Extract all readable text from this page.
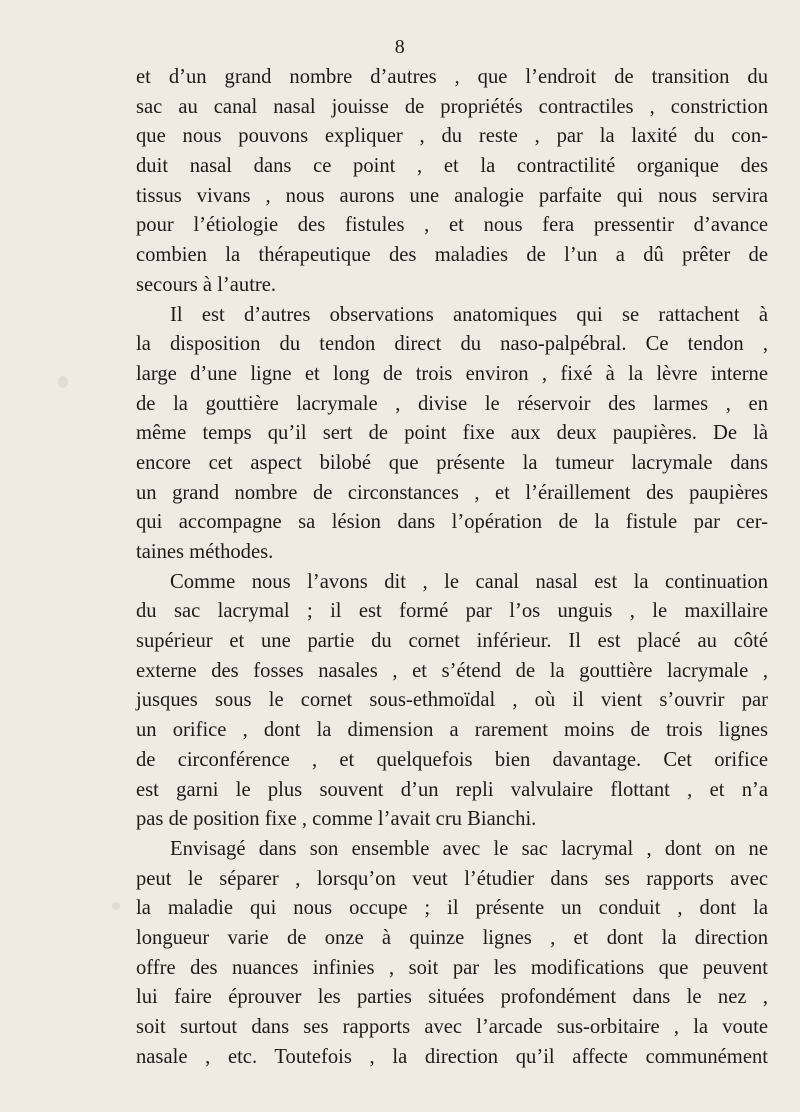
8
et d’un grand nombre d’autres , que l’endroit de transition du
sac au canal nasal jouisse de propriétés contractiles , constriction
que nous pouvons expliquer , du reste , par la laxité du con-
duit nasal dans ce point , et la contractilité organique des
tissus vivans , nous aurons une analogie parfaite qui nous servira
pour l’étiologie des fistules , et nous fera pressentir d’avance
combien la thérapeutique des maladies de l’un a dû prêter de
secours à l’autre.
Il est d’autres observations anatomiques qui se rattachent à
la disposition du tendon direct du naso-palpébral. Ce tendon ,
large d’une ligne et long de trois environ , fixé à la lèvre interne
de la gouttière lacrymale , divise le réservoir des larmes , en
même temps qu’il sert de point fixe aux deux paupières. De là
encore cet aspect bilobé que présente la tumeur lacrymale dans
un grand nombre de circonstances , et l’éraillement des paupières
qui accompagne sa lésion dans l’opération de la fistule par cer-
taines méthodes.
Comme nous l’avons dit , le canal nasal est la continuation
du sac lacrymal ; il est formé par l’os unguis , le maxillaire
supérieur et une partie du cornet inférieur. Il est placé au côté
externe des fosses nasales , et s’étend de la gouttière lacrymale ,
jusques sous le cornet sous-ethmoïdal , où il vient s’ouvrir par
un orifice , dont la dimension a rarement moins de trois lignes
de circonférence , et quelquefois bien davantage. Cet orifice
est garni le plus souvent d’un repli valvulaire flottant , et n’a
pas de position fixe , comme l’avait cru Bianchi.
Envisagé dans son ensemble avec le sac lacrymal , dont on ne
peut le séparer , lorsqu’on veut l’étudier dans ses rapports avec
la maladie qui nous occupe ; il présente un conduit , dont la
longueur varie de onze à quinze lignes , et dont la direction
offre des nuances infinies , soit par les modifications que peuvent
lui faire éprouver les parties situées profondément dans le nez ,
soit surtout dans ses rapports avec l’arcade sus-orbitaire , la voute
nasale , etc. Toutefois , la direction qu’il affecte communément
